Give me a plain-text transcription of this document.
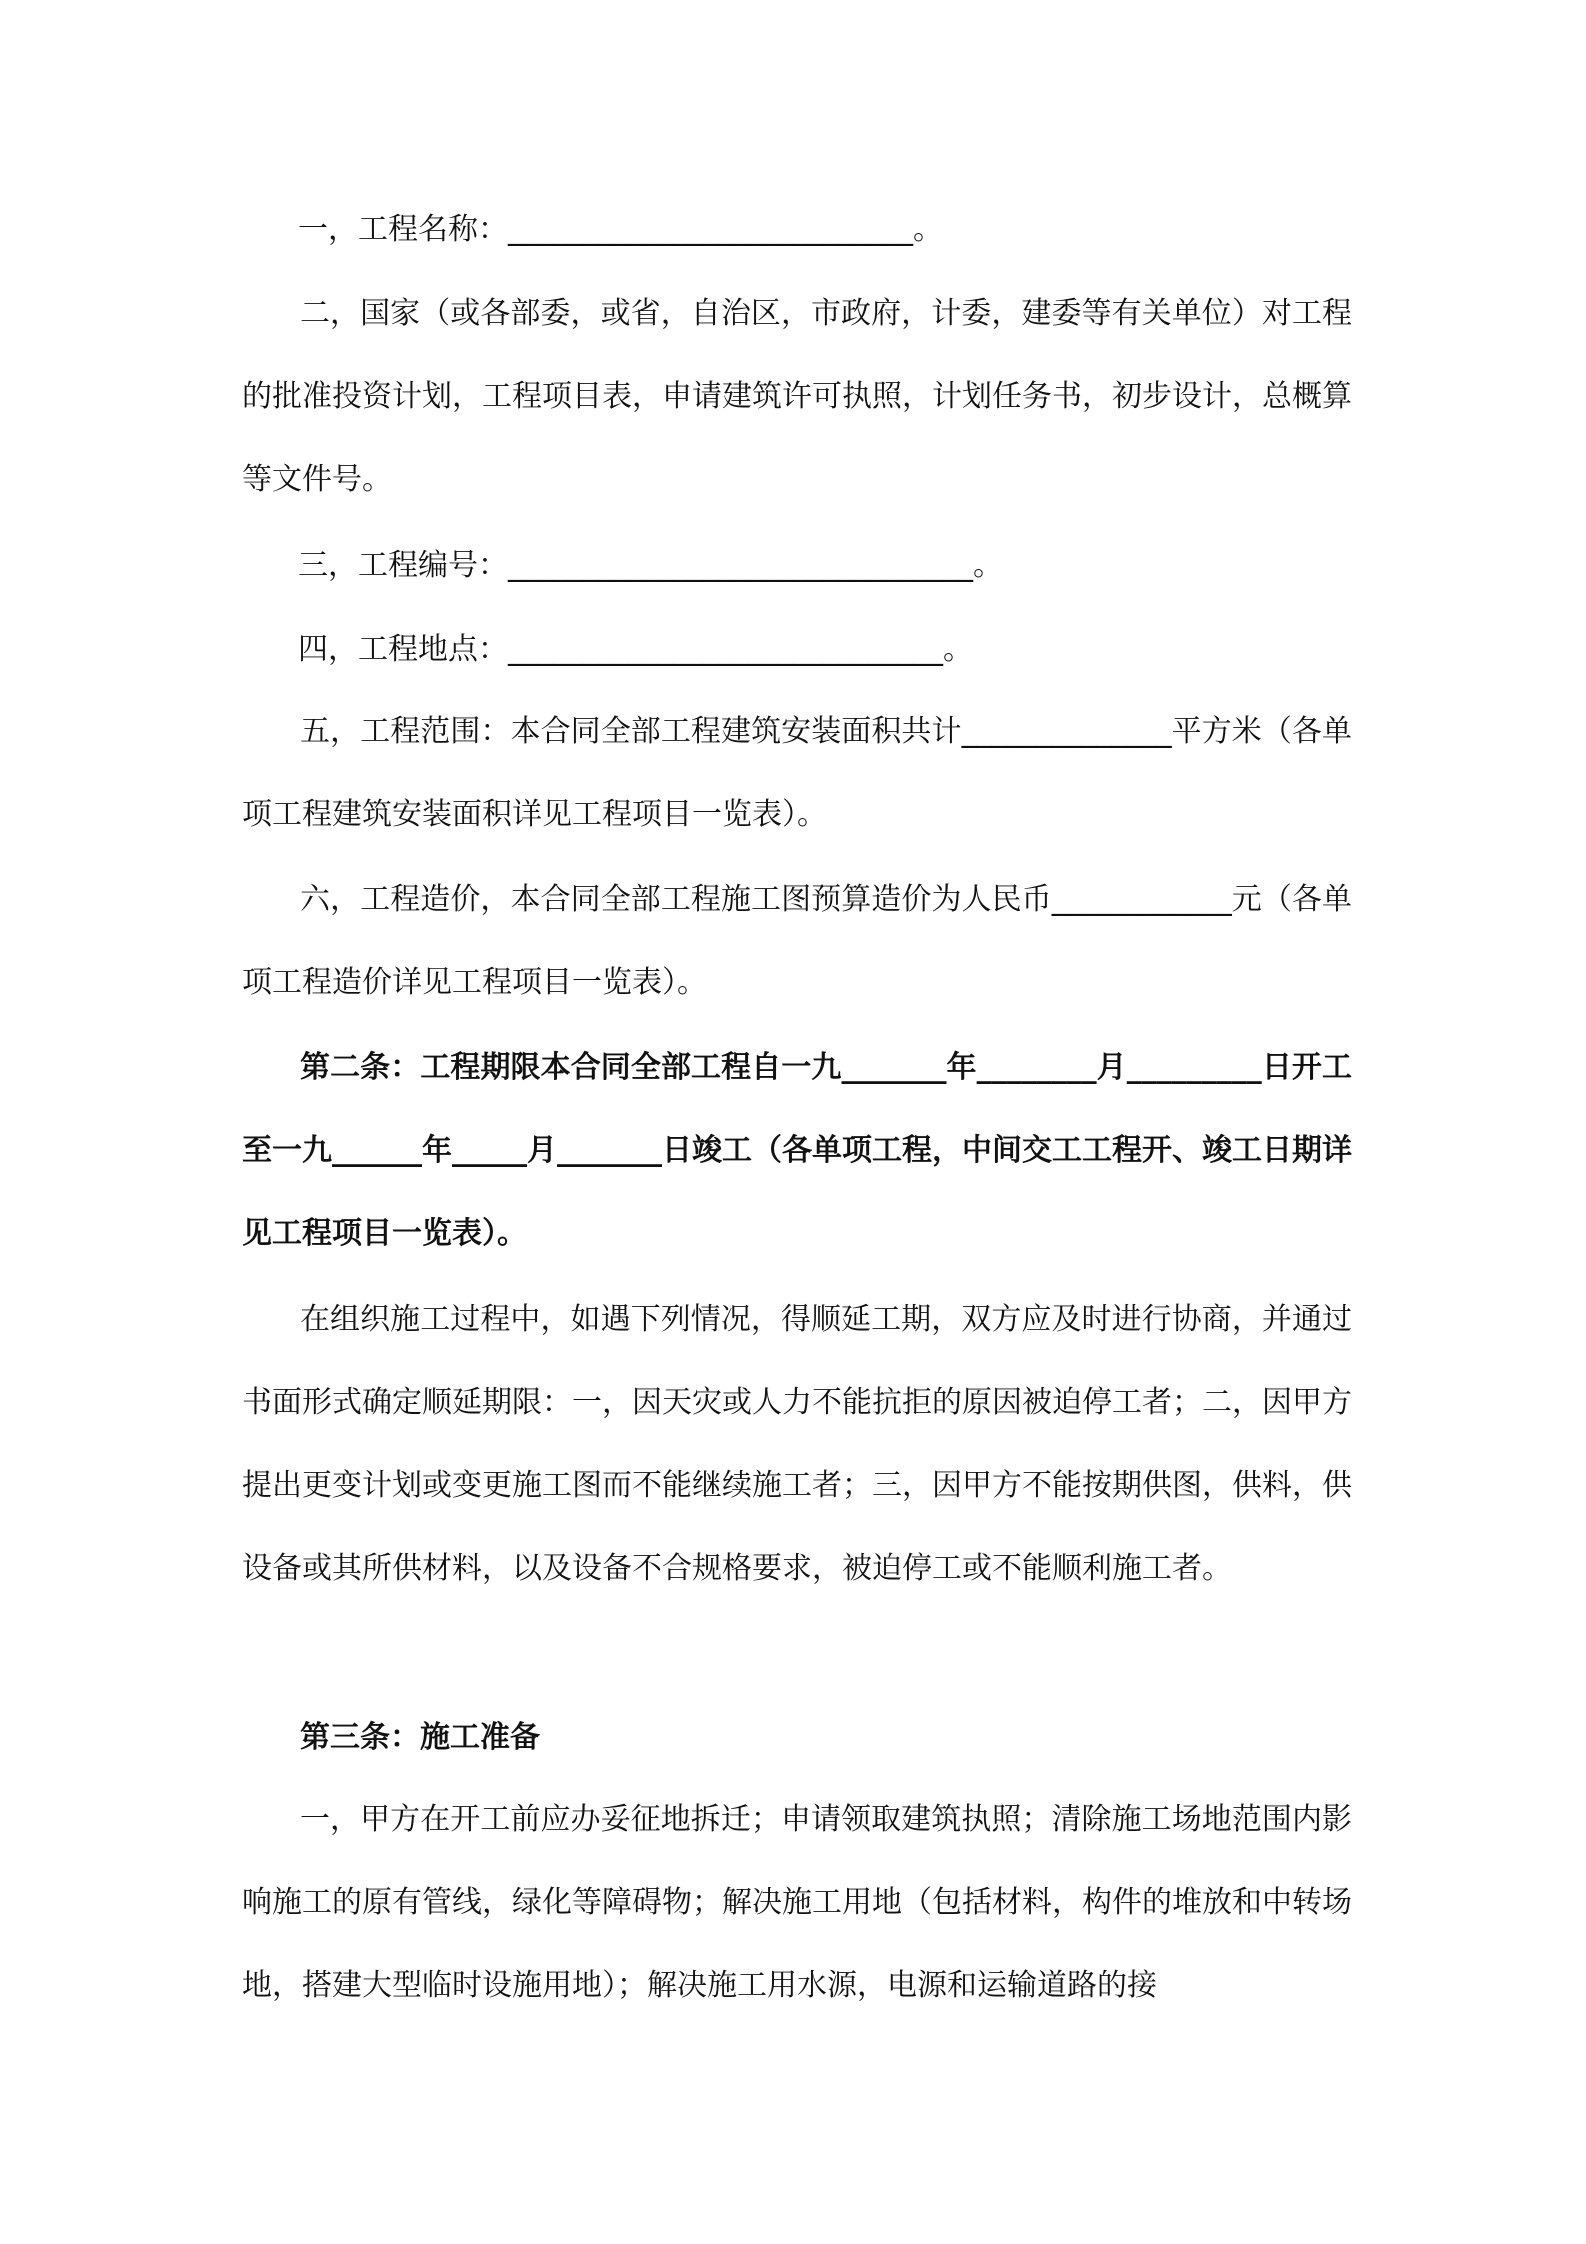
一，工程名称：___________________________。

二，国家（或各部委，或省，自治区，市政府，计委，建委等有关单位）对工程的批准投资计划，工程项目表，申请建筑许可执照，计划任务书，初步设计，总概算等文件号。

三，工程编号：_______________________________。

四，工程地点：_____________________________。

五，工程范围：本合同全部工程建筑安装面积共计______________平方米（各单项工程建筑安装面积详见工程项目一览表）。

六，工程造价，本合同全部工程施工图预算造价为人民币____________元（各单项工程造价详见工程项目一览表）。

第二条：工程期限本合同全部工程自一九_______年________月_________日开工至一九______年_____月_______日竣工（各单项工程，中间交工工程开、竣工日期详见工程项目一览表）。

在组织施工过程中，如遇下列情况，得顺延工期，双方应及时进行协商，并通过书面形式确定顺延期限：一，因天灾或人力不能抗拒的原因被迫停工者；二，因甲方提出更变计划或变更施工图而不能继续施工者；三，因甲方不能按期供图，供料，供设备或其所供材料，以及设备不合规格要求，被迫停工或不能顺利施工者。

第三条：施工准备

一，甲方在开工前应办妥征地拆迁；申请领取建筑执照；清除施工场地范围内影响施工的原有管线，绿化等障碍物；解决施工用地（包括材料，构件的堆放和中转场地，搭建大型临时设施用地）；解决施工用水源，电源和运输道路的接
